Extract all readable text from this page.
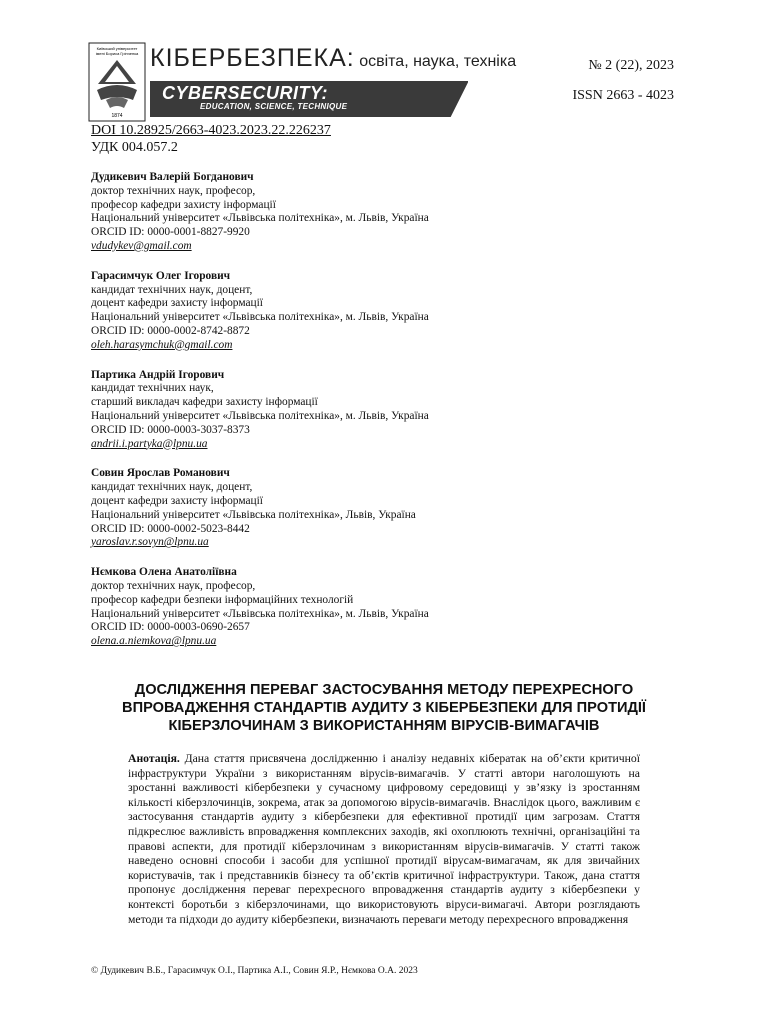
Київський університет
імені Бориса Грінченка
1874
КІБЕРБЕЗПЕКА: освіта, наука, техніка	№ 2 (22), 2023
CYBERSECURITY:
EDUCATION, SCIENCE, TECHNIQUE
ISSN 2663 - 4023
DOI 10.28925/2663-4023.2023.22.226237
УДК 004.057.2
Дудикевич Валерій Богданович
доктор технічних наук, професор,
професор кафедри захисту інформації
Національний університет «Львівська політехніка», м. Львів, Україна
ORCID ID: 0000-0001-8827-9920
vdudykev@gmail.com
Гарасимчук Олег Ігорович
кандидат технічних наук, доцент,
доцент кафедри захисту інформації
Національний університет «Львівська політехніка», м. Львів, Україна
ORCID ID: 0000-0002-8742-8872
oleh.harasymchuk@gmail.com
Партика Андрій Ігорович
кандидат технічних наук,
старший викладач кафедри захисту інформації
Національний університет «Львівська політехніка», м. Львів, Україна
ORCID ID: 0000-0003-3037-8373
andrii.i.partyka@lpnu.ua
Совин Ярослав Романович
кандидат технічних наук, доцент,
доцент кафедри захисту інформації
Національний університет «Львівська політехніка», Львів, Україна
ORCID ID: 0000-0002-5023-8442
yaroslav.r.sovyn@lpnu.ua
Нємкова Олена Анатоліївна
доктор технічних наук, професор,
професор кафедри безпеки інформаційних технологій
Національний університет «Львівська політехніка», м. Львів, Україна
ORCID ID: 0000-0003-0690-2657
olena.a.niemkova@lpnu.ua
ДОСЛІДЖЕННЯ ПЕРЕВАГ ЗАСТОСУВАННЯ МЕТОДУ ПЕРЕХРЕСНОГО ВПРОВАДЖЕННЯ СТАНДАРТІВ АУДИТУ З КІБЕРБЕЗПЕКИ ДЛЯ ПРОТИДІЇ КІБЕРЗЛОЧИНАМ З ВИКОРИСТАННЯМ ВІРУСІВ-ВИМАГАЧІВ
Анотація. Дана стаття присвячена дослідженню і аналізу недавніх кібератак на об’єкти критичної інфраструктури України з використанням вірусів-вимагачів. У статті автори наголошують на зростанні важливості кібербезпеки у сучасному цифровому середовищі у зв’язку із зростанням кількості кіберзлочинців, зокрема, атак за допомогою вірусів-вимагачів. Внаслідок цього, важливим є застосування стандартів аудиту з кібербезпеки для ефективної протидії цим загрозам. Стаття підкреслює важливість впровадження комплексних заходів, які охоплюють технічні, організаційні та правові аспекти, для протидії кіберзлочинам з використанням вірусів-вимагачів. У статті також наведено основні способи і засоби для успішної протидії вірусам-вимагачам, як для звичайних користувачів, так і представників бізнесу та об’єктів критичної інфраструктури. Також, дана стаття пропонує дослідження переваг перехресного впровадження стандартів аудиту з кібербезпеки у контексті боротьби з кіберзлочинами, що використовують віруси-вимагачі. Автори розглядають методи та підходи до аудиту кібербезпеки, визначають переваги методу перехресного впровадження
© Дудикевич В.Б., Гарасимчук О.І., Партика А.І., Совин Я.Р., Нємкова О.А. 2023
